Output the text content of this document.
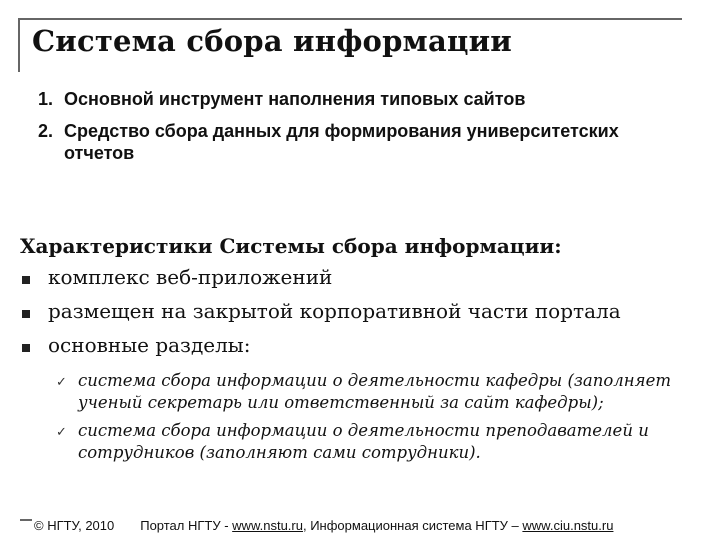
Система сбора информации
1. Основной инструмент наполнения типовых сайтов
2. Средство сбора данных для формирования университетских отчетов
Характеристики Системы сбора информации:
комплекс веб-приложений
размещен на закрытой корпоративной части портала
основные разделы:
✓ система сбора информации о деятельности кафедры (заполняет ученый секретарь или ответственный за сайт кафедры);
✓ система сбора информации о деятельности преподавателей и сотрудников (заполняют сами сотрудники).
© НГТУ, 2010 Портал НГТУ - www.nstu.ru, Информационная система НГТУ – www.ciu.nstu.ru
